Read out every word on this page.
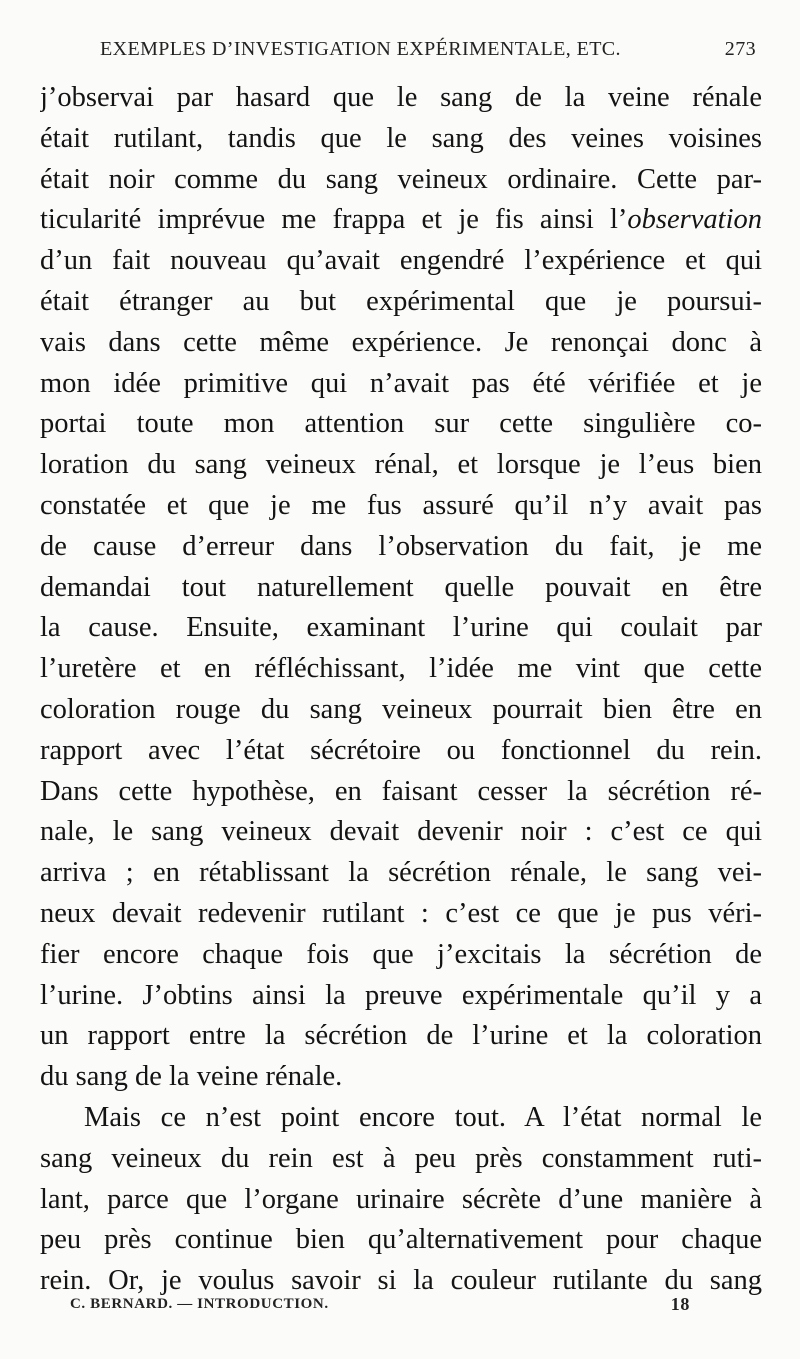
EXEMPLES D’INVESTIGATION EXPÉRIMENTALE, ETC.	273
j’observai par hasard que le sang de la veine rénale
était rutilant, tandis que le sang des veines voisines
était noir comme du sang veineux ordinaire. Cette par-
ticularité imprévue me frappa et je fis ainsi l’observation
d’un fait nouveau qu’avait engendré l’expérience et qui
était étranger au but expérimental que je poursui-
vais dans cette même expérience. Je renonçai donc à
mon idée primitive qui n’avait pas été vérifiée et je
portai toute mon attention sur cette singulière co-
loration du sang veineux rénal, et lorsque je l’eus bien
constatée et que je me fus assuré qu’il n’y avait pas
de cause d’erreur dans l’observation du fait, je me
demandai tout naturellement quelle pouvait en être
la cause. Ensuite, examinant l’urine qui coulait par
l’uretère et en réfléchissant, l’idée me vint que cette
coloration rouge du sang veineux pourrait bien être en
rapport avec l’état sécrétoire ou fonctionnel du rein.
Dans cette hypothèse, en faisant cesser la sécrétion ré-
nale, le sang veineux devait devenir noir : c’est ce qui
arriva ; en rétablissant la sécrétion rénale, le sang vei-
neux devait redevenir rutilant : c’est ce que je pus véri-
fier encore chaque fois que j’excitais la sécrétion de
l’urine. J’obtins ainsi la preuve expérimentale qu’il y a
un rapport entre la sécrétion de l’urine et la coloration
du sang de la veine rénale.
Mais ce n’est point encore tout. A l’état normal le
sang veineux du rein est à peu près constamment ruti-
lant, parce que l’organe urinaire sécrète d’une manière à
peu près continue bien qu’alternativement pour chaque
rein. Or, je voulus savoir si la couleur rutilante du sang
C. BERNARD. — INTRODUCTION.	18
